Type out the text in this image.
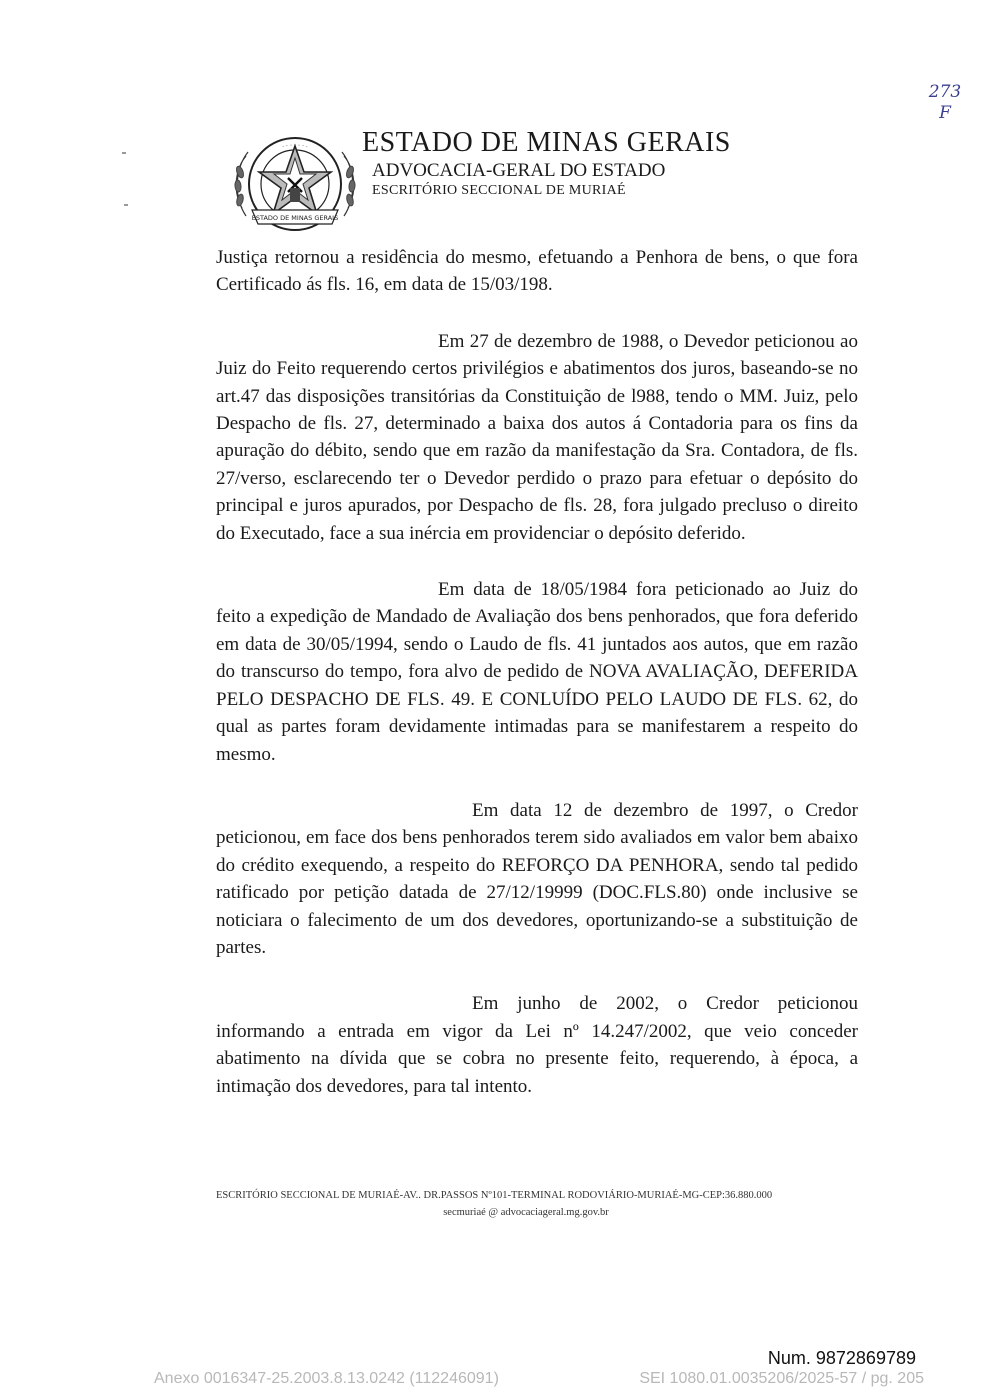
273
F
· · · · · · ·
ESTADO DE MINAS GERAIS
ESTADO DE MINAS GERAIS
ADVOCACIA-GERAL DO ESTADO
ESCRITÓRIO SECCIONAL DE MURIAÉ

Justiça retornou a residência do mesmo, efetuando a Penhora de bens, o que fora Certificado ás fls. 16, em data de 15/03/198.

Em 27 de dezembro de 1988, o Devedor peticionou ao Juiz do Feito requerendo certos privilégios e abatimentos dos juros, baseando-se no art.47 das disposições transitórias da Constituição de l988, tendo o MM. Juiz, pelo Despacho de fls. 27, determinado a baixa dos autos á Contadoria para os fins da apuração do débito, sendo que em razão da manifestação da Sra. Contadora, de fls. 27/verso, esclarecendo ter o Devedor perdido o prazo para efetuar o depósito do principal e juros apurados, por Despacho de fls. 28, fora julgado precluso o direito do Executado, face a sua inércia em providenciar o depósito deferido.

Em data de 18/05/1984 fora peticionado ao Juiz do feito a expedição de Mandado de Avaliação dos bens penhorados, que fora deferido em data de 30/05/1994, sendo o Laudo de fls. 41 juntados aos autos, que em razão do transcurso do tempo, fora alvo de pedido de NOVA AVALIAÇÃO, DEFERIDA PELO DESPACHO DE FLS. 49. E CONLUÍDO PELO LAUDO DE FLS. 62, do qual as partes foram devidamente intimadas para se manifestarem a respeito do mesmo.

Em data 12 de dezembro de 1997, o Credor peticionou, em face dos bens penhorados terem sido avaliados em valor bem abaixo do crédito exequendo, a respeito do REFORÇO DA PENHORA, sendo tal pedido ratificado por petição datada de 27/12/19999 (DOC.FLS.80) onde inclusive se noticiara o falecimento de um dos devedores, oportunizando-se a substituição de partes.

Em junho de 2002, o Credor peticionou informando a entrada em vigor da Lei nº 14.247/2002, que veio conceder abatimento na dívida que se cobra no presente feito, requerendo, à época, a intimação dos devedores, para tal intento.

ESCRITÓRIO SECCIONAL DE MURIAÉ-AV.. DR.PASSOS Nº101-TERMINAL RODOVIÁRIO-MURIAÉ-MG-CEP:36.880.000
secmuriaé @ advocaciageral.mg.gov.br
Num. 9872869789
Anexo 0016347-25.2003.8.13.0242 (112246091)	SEI 1080.01.0035206/2025-57 / pg. 205
